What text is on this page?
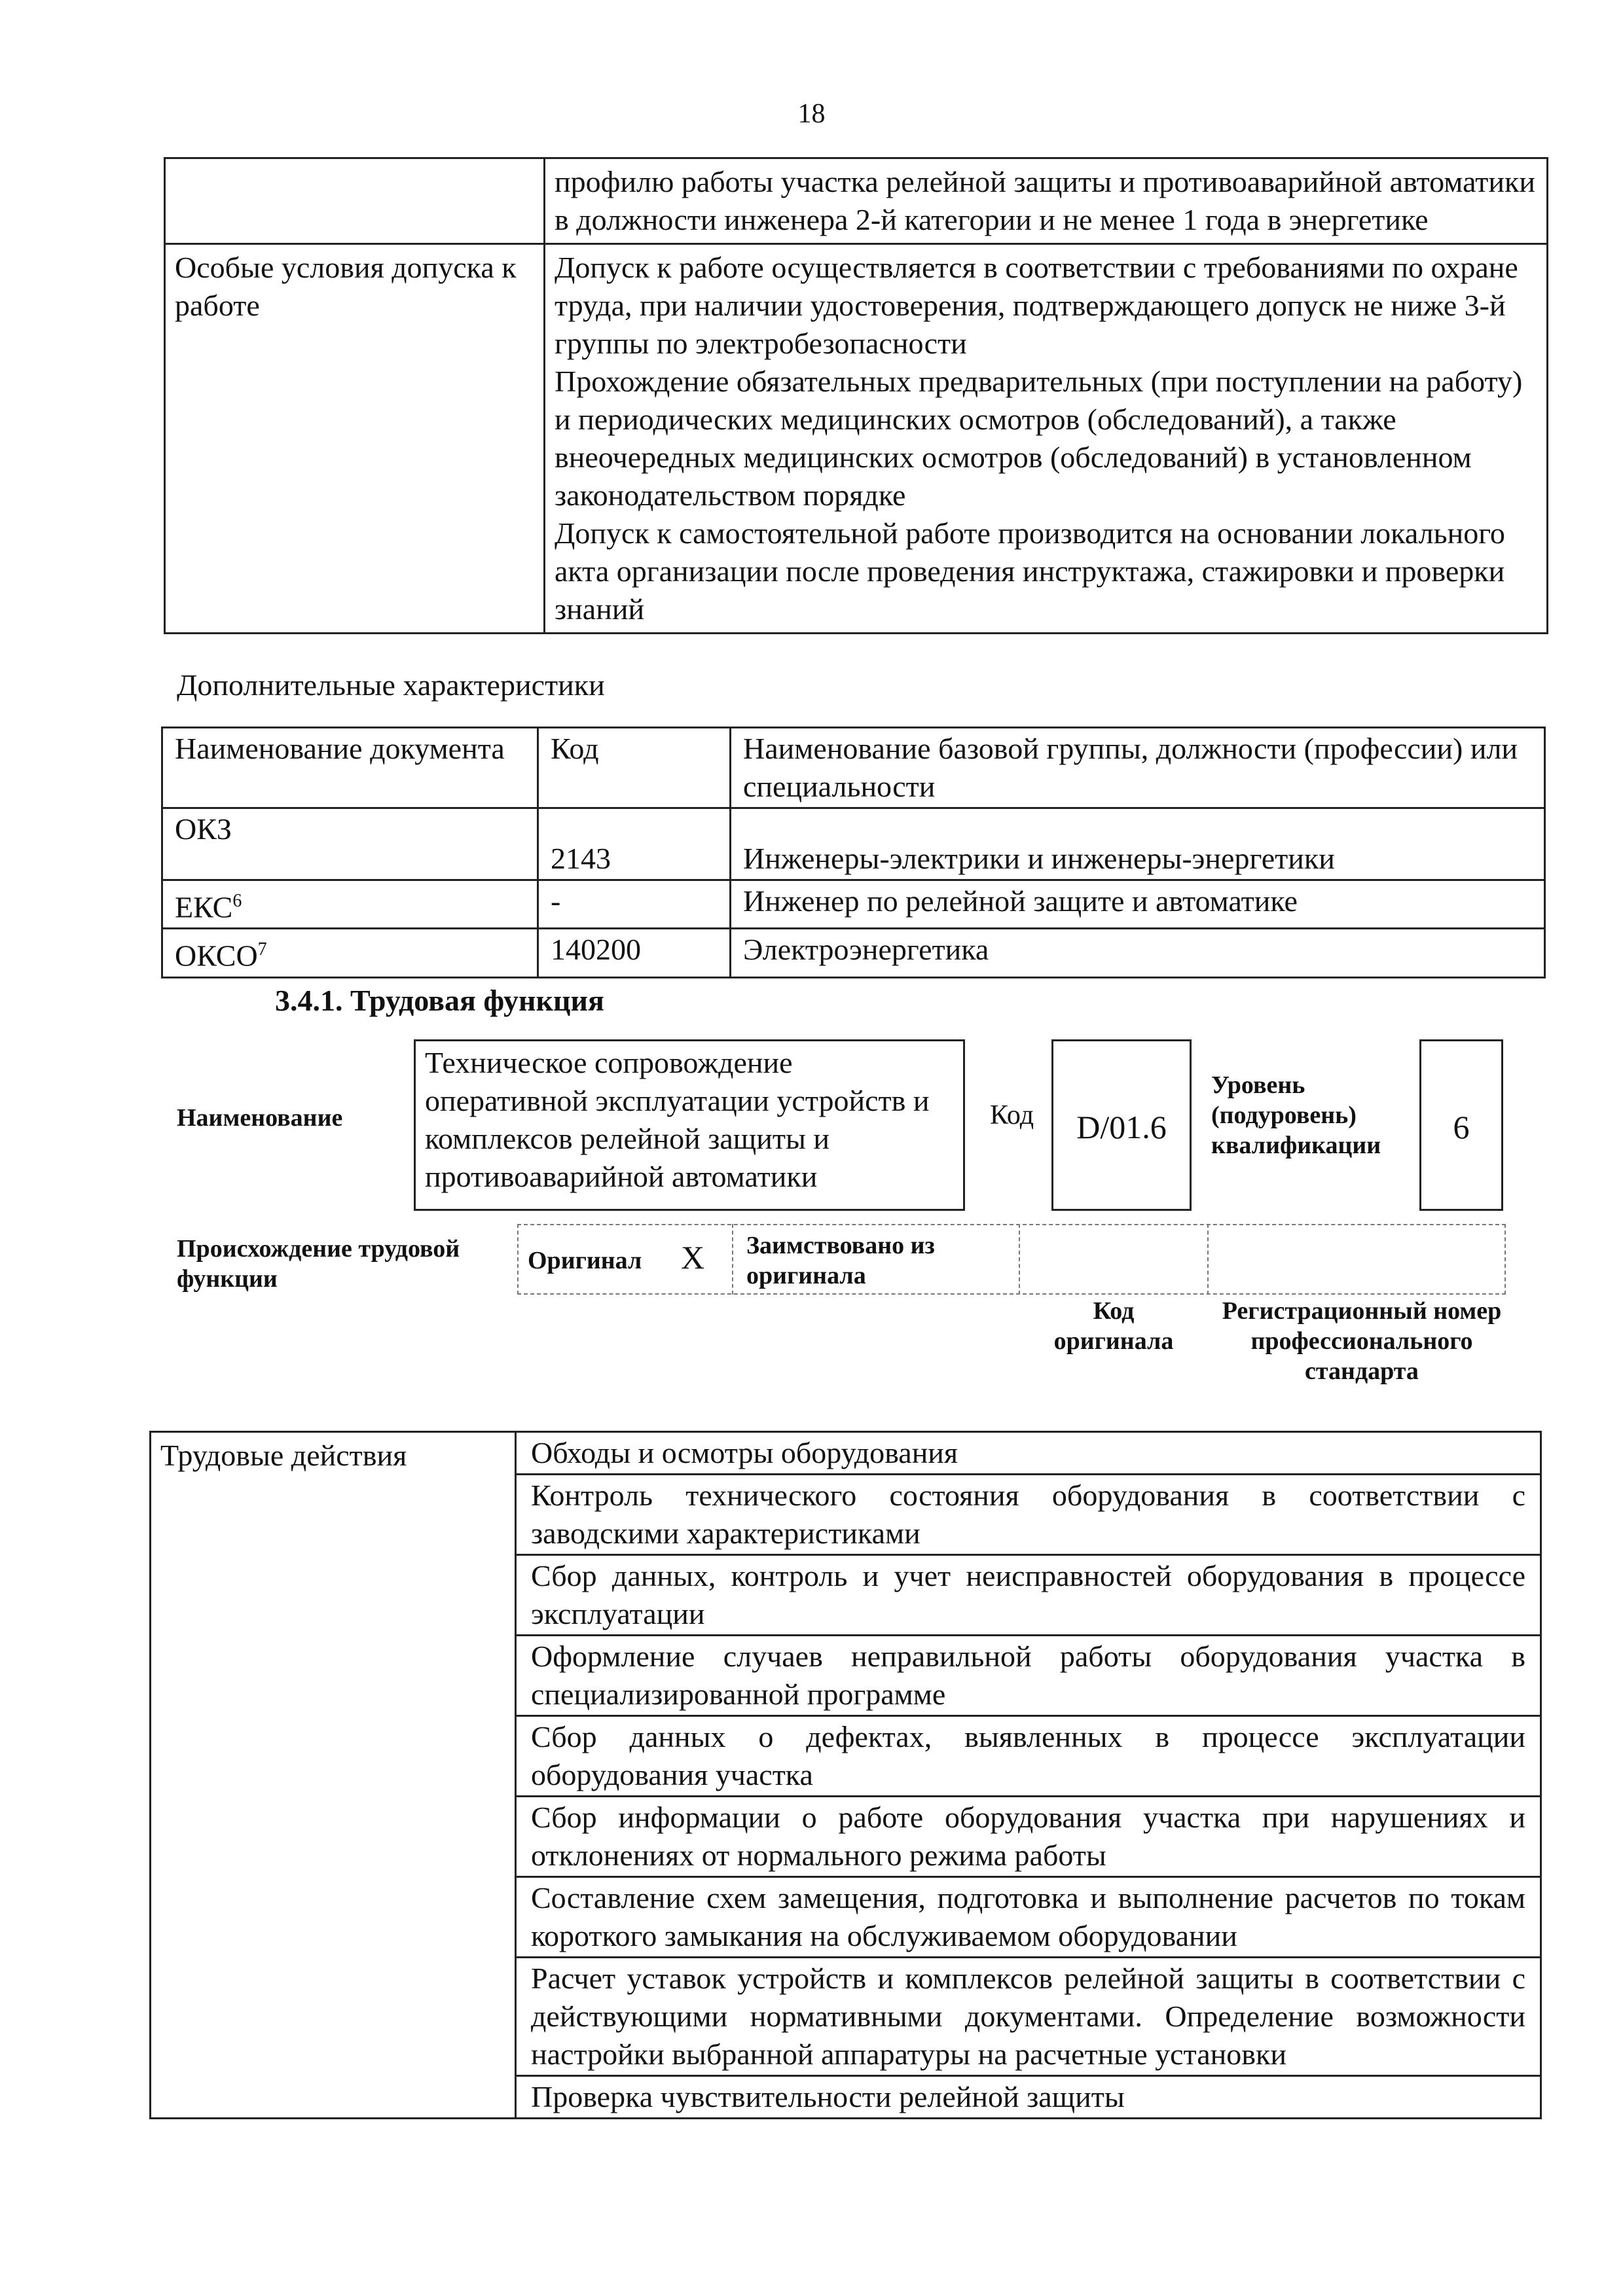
18
	профилю работы участка релейной защиты и противоаварийной автоматики в должности инженера 2-й категории и не менее 1 года в энергетике
Особые условия допуска к работе	Допуск к работе осуществляется в соответствии с требованиями по охране труда, при наличии удостоверения, подтверждающего допуск не ниже 3-й группы по электробезопасности
Прохождение обязательных предварительных (при поступлении на работу) и периодических медицинских осмотров (обследований), а также внеочередных медицинских осмотров (обследований) в установленном законодательством порядке
Допуск к самостоятельной работе производится на основании локального акта организации после проведения инструктажа, стажировки и проверки знаний
Дополнительные характеристики
Наименование документа	Код	Наименование базовой группы, должности (профессии) или специальности
ОКЗ	2143	Инженеры-электрики и инженеры-энергетики
ЕКС$^6$	-	Инженер по релейной защите и автоматике
ОКСО$^7$	140200	Электроэнергетика
3.4.1. Трудовая функция
Наименование
Техническое сопровождение оперативной эксплуатации устройств и комплексов релейной защиты и противоаварийной автоматики
Код	D/01.6
Уровень (подуровень) квалификации	6
Происхождение трудовой функции
Оригинал X Заимствовано из оригинала
Код оригинала
Регистрационный номер профессионального стандарта
Трудовые действия	Обходы и осмотры оборудования
Контроль технического состояния оборудования в соответствии с заводскими характеристиками
Сбор данных, контроль и учет неисправностей оборудования в процессе эксплуатации
Оформление случаев неправильной работы оборудования участка в специализированной программе
Сбор данных о дефектах, выявленных в процессе эксплуатации оборудования участка
Сбор информации о работе оборудования участка при нарушениях и отклонениях от нормального режима работы
Составление схем замещения, подготовка и выполнение расчетов по токам короткого замыкания на обслуживаемом оборудовании
Расчет уставок устройств и комплексов релейной защиты в соответствии с действующими нормативными документами. Определение возможности настройки выбранной аппаратуры на расчетные установки
Проверка чувствительности релейной защиты
